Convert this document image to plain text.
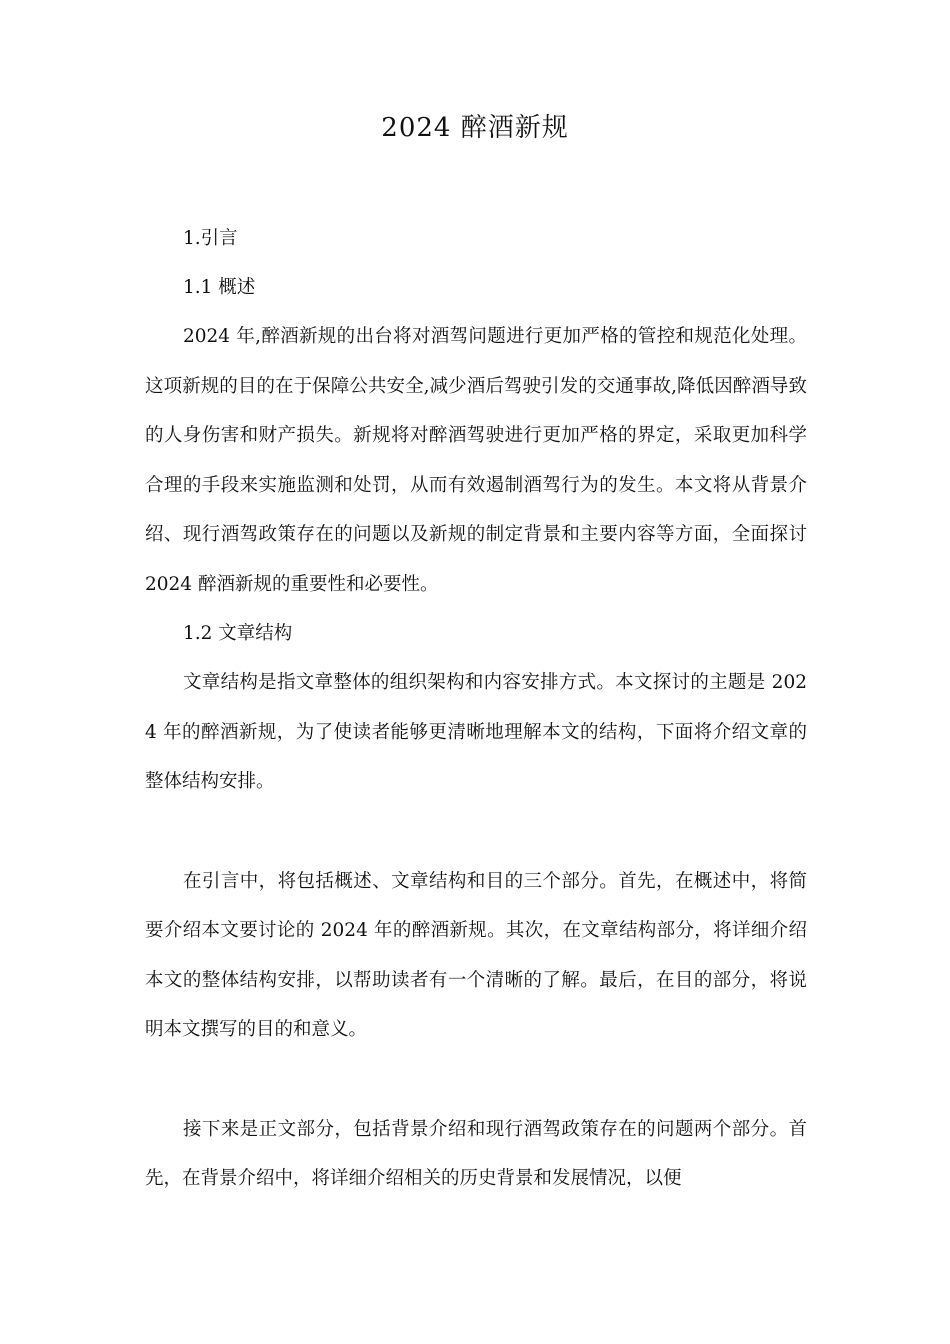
2024 醉酒新规
1.引言
1.1 概述

2024 年,醉酒新规的出台将对酒驾问题进行更加严格的管控和规范化处理。这项新规的目的在于保障公共安全,减少酒后驾驶引发的交通事故,降低因醉酒导致的人身伤害和财产损失。新规将对醉酒驾驶进行更加严格的界定，采取更加科学合理的手段来实施监测和处罚，从而有效遏制酒驾行为的发生。本文将从背景介绍、现行酒驾政策存在的问题以及新规的制定背景和主要内容等方面，全面探讨 2024 醉酒新规的重要性和必要性。

1.2 文章结构

文章结构是指文章整体的组织架构和内容安排方式。本文探讨的主题是 2024 年的醉酒新规，为了使读者能够更清晰地理解本文的结构，下面将介绍文章的整体结构安排。

在引言中，将包括概述、文章结构和目的三个部分。首先，在概述中，将简要介绍本文要讨论的 2024 年的醉酒新规。其次，在文章结构部分，将详细介绍本文的整体结构安排，以帮助读者有一个清晰的了解。最后，在目的部分，将说明本文撰写的目的和意义。

接下来是正文部分，包括背景介绍和现行酒驾政策存在的问题两个部分。首先，在背景介绍中，将详细介绍相关的历史背景和发展情况，以便
